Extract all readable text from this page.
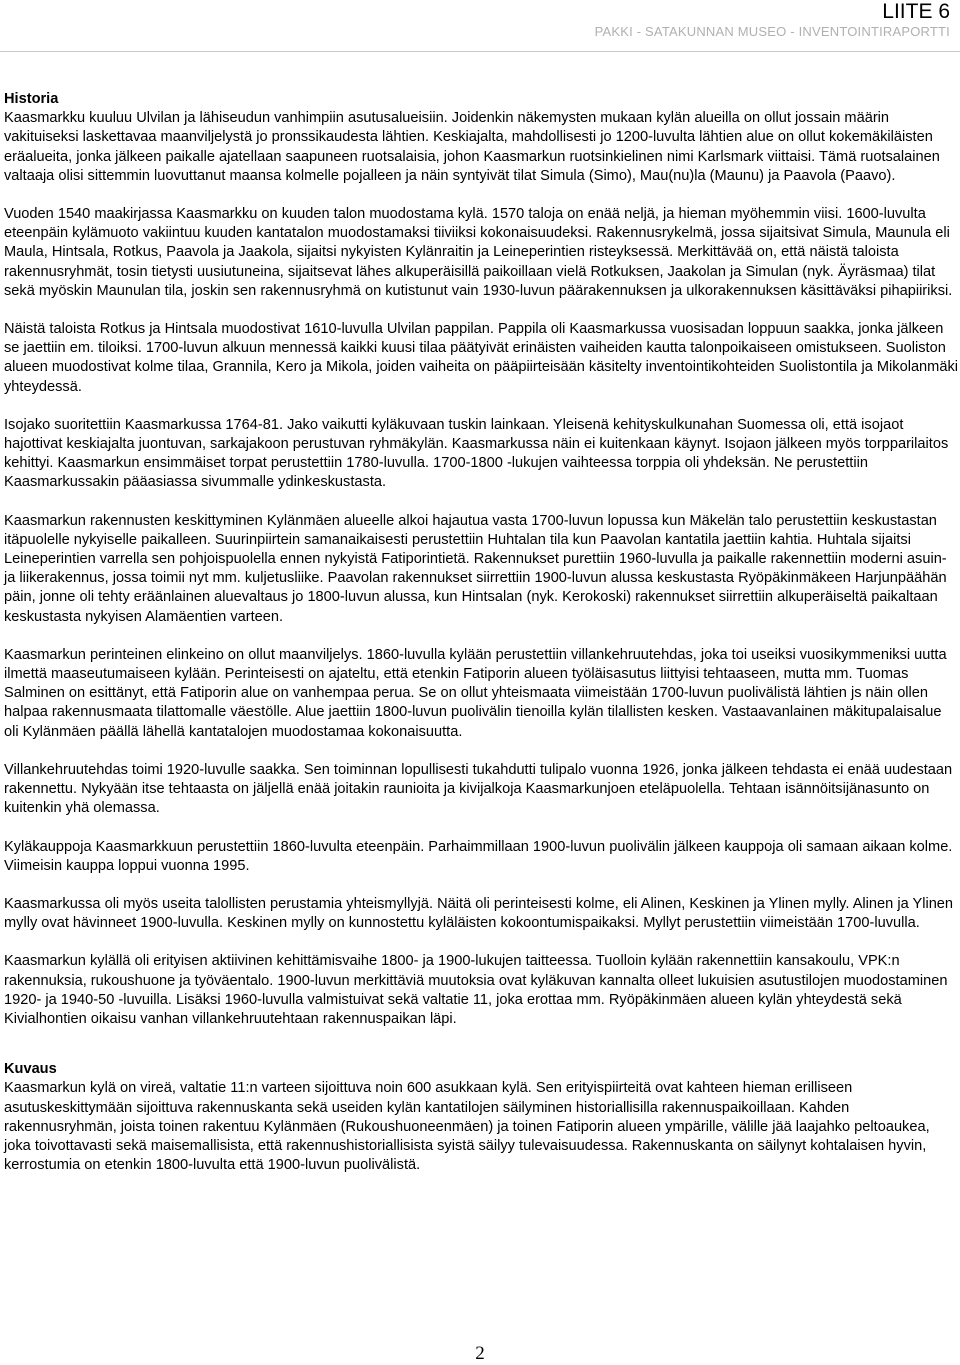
LIITE 6
PAKKI - SATAKUNNAN MUSEO - INVENTOINTIRAPORTTI
Historia

Kaasmarkku kuuluu Ulvilan ja lähiseudun vanhimpiin asutusalueisiin. Joidenkin näkemysten mukaan kylän alueilla on ollut jossain määrin vakituiseksi laskettavaa maanviljelystä jo pronssikaudesta lähtien. Keskiajalta, mahdollisesti jo 1200-luvulta lähtien alue on ollut kokemäkiläisten eräalueita, jonka jälkeen paikalle ajatellaan saapuneen ruotsalaisia, johon Kaasmarkun ruotsinkielinen nimi Karlsmark viittaisi. Tämä ruotsalainen valtaaja olisi sittemmin luovuttanut maansa kolmelle pojalleen ja näin syntyivät tilat Simula (Simo), Mau(nu)la (Maunu) ja Paavola (Paavo).

Vuoden 1540 maakirjassa Kaasmarkku on kuuden talon muodostama kylä. 1570 taloja on enää neljä, ja hieman myöhemmin viisi. 1600-luvulta eteenpäin kylämuoto vakiintuu kuuden kantatalon muodostamaksi tiiviiksi kokonaisuudeksi. Rakennusrykelmä, jossa sijaitsivat Simula, Maunula eli Maula, Hintsala, Rotkus, Paavola ja Jaakola, sijaitsi nykyisten Kylänraitin ja Leineperintien risteyksessä. Merkittävää on, että näistä taloista rakennusryhmät, tosin tietysti uusiutuneina, sijaitsevat lähes alkuperäisillä paikoillaan vielä Rotkuksen, Jaakolan ja Simulan (nyk. Äyräsmaa) tilat sekä myöskin Maunulan tila, joskin sen rakennusryhmä on kutistunut vain 1930-luvun päärakennuksen ja ulkorakennuksen käsittäväksi pihapiiriksi.

Näistä taloista Rotkus ja Hintsala muodostivat 1610-luvulla Ulvilan pappilan. Pappila oli Kaasmarkussa vuosisadan loppuun saakka, jonka jälkeen se jaettiin em. tiloiksi. 1700-luvun alkuun mennessä kaikki kuusi tilaa päätyivät erinäisten vaiheiden kautta talonpoikaiseen omistukseen. Suoliston alueen muodostivat kolme tilaa, Grannila, Kero ja Mikola, joiden vaiheita on pääpiirteisään käsitelty inventointikohteiden Suolistontila ja Mikolanmäki yhteydessä.

Isojako suoritettiin Kaasmarkussa 1764-81. Jako vaikutti kyläkuvaan tuskin lainkaan. Yleisenä kehityskulkunahan Suomessa oli, että isojaot hajottivat keskiajalta juontuvan, sarkajakoon perustuvan ryhmäkylän. Kaasmarkussa näin ei kuitenkaan käynyt. Isojaon jälkeen myös torpparilaitos kehittyi. Kaasmarkun ensimmäiset torpat perustettiin 1780-luvulla. 1700-1800 -lukujen vaihteessa torppia oli yhdeksän. Ne perustettiin Kaasmarkussakin pääasiassa sivummalle ydinkeskustasta.

Kaasmarkun rakennusten keskittyminen Kylänmäen alueelle alkoi hajautua vasta 1700-luvun lopussa kun Mäkelän talo perustettiin keskustastan itäpuolelle nykyiselle paikalleen. Suurinpiirtein samanaikaisesti perustettiin Huhtalan tila kun Paavolan kantatila jaettiin kahtia. Huhtala sijaitsi Leineperintien varrella sen pohjoispuolella ennen nykyistä Fatiporintietä. Rakennukset purettiin 1960-luvulla ja paikalle rakennettiin moderni asuin- ja liikerakennus, jossa toimii nyt mm. kuljetusliike. Paavolan rakennukset siirrettiin 1900-luvun alussa keskustasta Ryöpäkinmäkeen Harjunpäähän päin, jonne oli tehty eräänlainen aluevaltaus jo 1800-luvun alussa, kun Hintsalan (nyk. Kerokoski) rakennukset siirrettiin alkuperäiseltä paikaltaan keskustasta nykyisen Alamäentien varteen.

Kaasmarkun perinteinen elinkeino on ollut maanviljelys. 1860-luvulla kylään perustettiin villankehruutehdas, joka toi useiksi vuosikymmeniksi uutta ilmettä maaseutumaiseen kylään. Perinteisesti on ajateltu, että etenkin Fatiporin alueen työläisasutus liittyisi tehtaaseen, mutta mm. Tuomas Salminen on esittänyt, että Fatiporin alue on vanhempaa perua. Se on ollut yhteismaata viimeistään 1700-luvun puolivälistä lähtien js näin ollen halpaa rakennusmaata tilattomalle väestölle. Alue jaettiin 1800-luvun puolivälin tienoilla kylän tilallisten kesken. Vastaavanlainen mäkitupalaisalue oli Kylänmäen päällä lähellä kantatalojen muodostamaa kokonaisuutta.

Villankehruutehdas toimi 1920-luvulle saakka. Sen toiminnan lopullisesti tukahdutti tulipalo vuonna 1926, jonka jälkeen tehdasta ei enää uudestaan rakennettu. Nykyään itse tehtaasta on jäljellä enää joitakin raunioita ja kivijalkoja Kaasmarkunjoen eteläpuolella. Tehtaan isännöitsijänasunto on kuitenkin yhä olemassa.

Kyläkauppoja Kaasmarkkuun perustettiin 1860-luvulta eteenpäin. Parhaimmillaan 1900-luvun puolivälin jälkeen kauppoja oli samaan aikaan kolme. Viimeisin kauppa loppui vuonna 1995.

Kaasmarkussa oli myös useita talollisten perustamia yhteismyllyjä. Näitä oli perinteisesti kolme, eli Alinen, Keskinen ja Ylinen mylly. Alinen ja Ylinen mylly ovat hävinneet 1900-luvulla. Keskinen mylly on kunnostettu kyläläisten kokoontumispaikaksi. Myllyt perustettiin viimeistään 1700-luvulla.

Kaasmarkun kylällä oli erityisen aktiivinen kehittämisvaihe 1800- ja 1900-lukujen taitteessa. Tuolloin kylään rakennettiin kansakoulu, VPK:n rakennuksia, rukoushuone ja työväentalo. 1900-luvun merkittäviä muutoksia ovat kyläkuvan kannalta olleet lukuisien asutustilojen muodostaminen 1920- ja 1940-50 -luvuilla. Lisäksi 1960-luvulla valmistuivat sekä valtatie 11, joka erottaa mm. Ryöpäkinmäen alueen kylän yhteydestä sekä Kivialhontien oikaisu vanhan villankehruutehtaan rakennuspaikan läpi.

Kuvaus

Kaasmarkun kylä on vireä, valtatie 11:n varteen sijoittuva noin 600 asukkaan kylä. Sen erityispiirteitä ovat kahteen hieman erilliseen asutuskeskittymään sijoittuva rakennuskanta sekä useiden kylän kantatilojen säilyminen historiallisilla rakennuspaikoillaan. Kahden rakennusryhmän, joista toinen rakentuu Kylänmäen (Rukoushuoneenmäen) ja toinen Fatiporin alueen ympärille, välille jää laajahko peltoaukea, joka toivottavasti sekä maisemallisista, että rakennushistoriallisista syistä säilyy tulevaisuudessa. Rakennuskanta on säilynyt kohtalaisen hyvin, kerrostumia on etenkin 1800-luvulta että 1900-luvun puolivälistä.

2
